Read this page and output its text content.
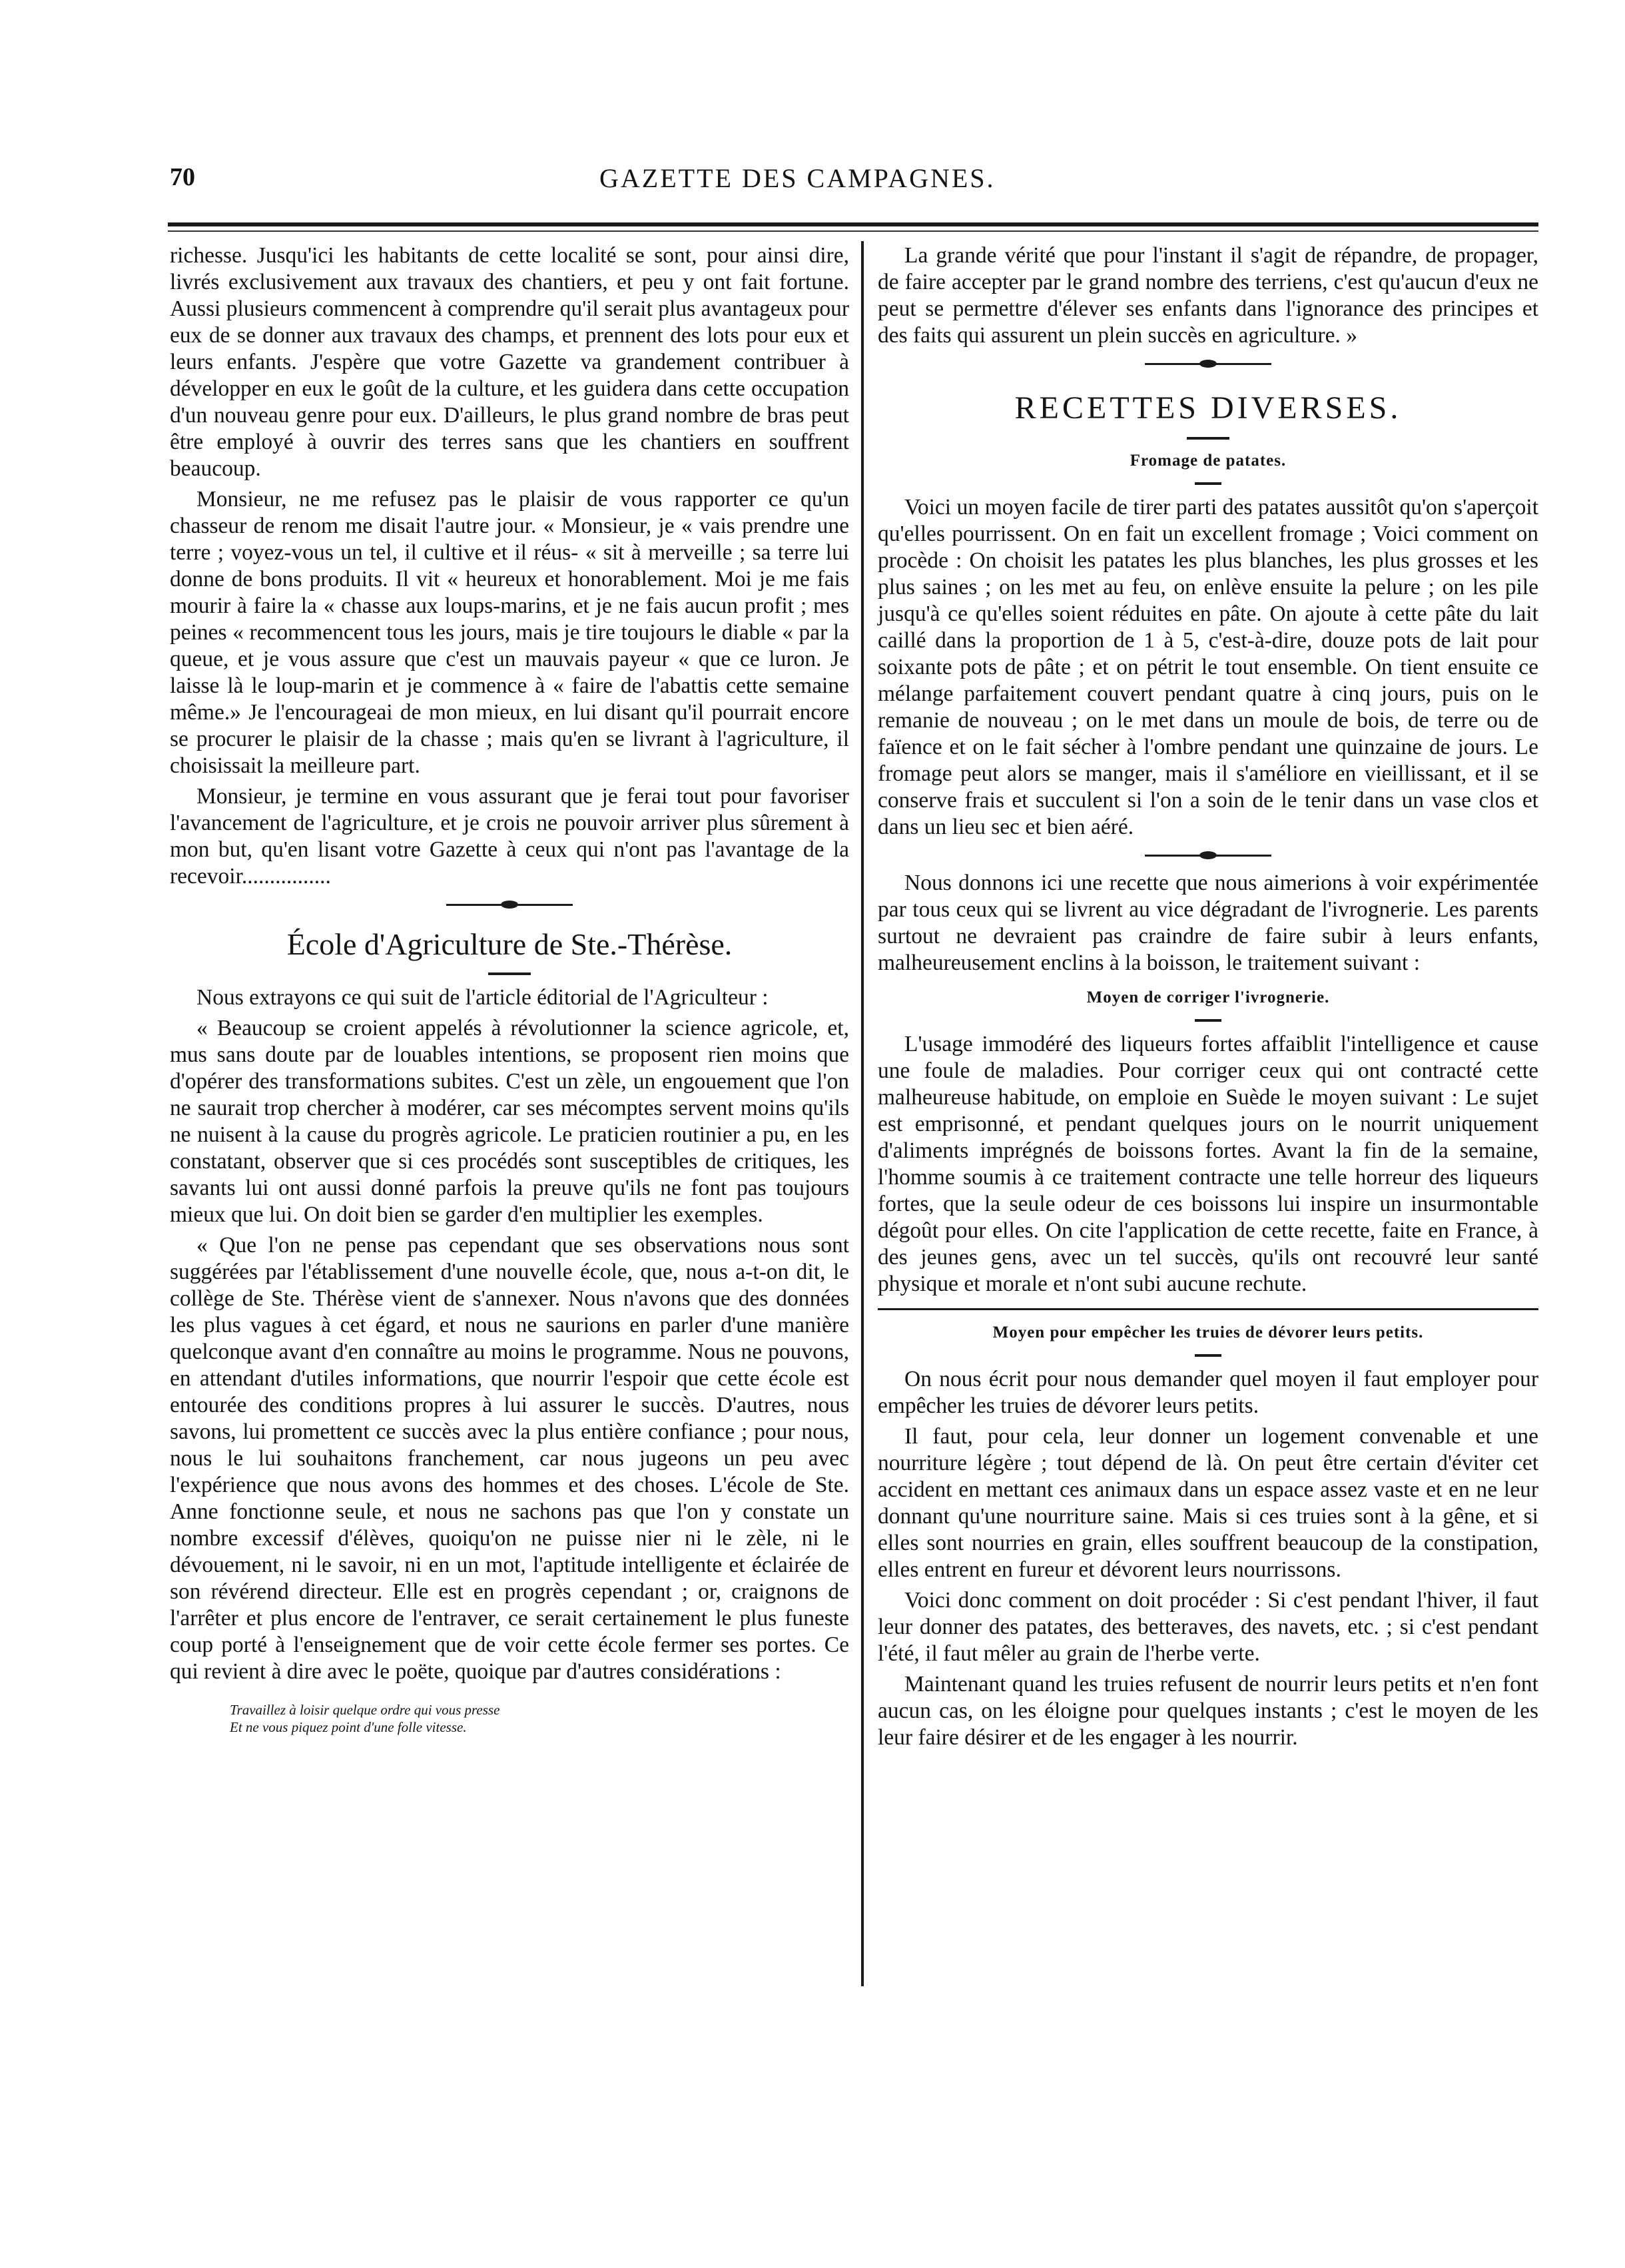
70	GAZETTE DES CAMPAGNES.

richesse. Jusqu'ici les habitants de cette localité se sont, pour ainsi dire, livrés exclusivement aux travaux des chantiers, et peu y ont fait fortune. Aussi plusieurs commencent à comprendre qu'il serait plus avantageux pour eux de se donner aux travaux des champs, et prennent des lots pour eux et leurs enfants. J'espère que votre Gazette va grandement contribuer à développer en eux le goût de la culture, et les guidera dans cette occupation d'un nouveau genre pour eux. D'ailleurs, le plus grand nombre de bras peut être employé à ouvrir des terres sans que les chantiers en souffrent beaucoup.

Monsieur, ne me refusez pas le plaisir de vous rapporter ce qu'un chasseur de renom me disait l'autre jour. « Monsieur, je « vais prendre une terre ; voyez-vous un tel, il cultive et il réus- « sit à merveille ; sa terre lui donne de bons produits. Il vit « heureux et honorablement. Moi je me fais mourir à faire la « chasse aux loups-marins, et je ne fais aucun profit ; mes peines « recommencent tous les jours, mais je tire toujours le diable « par la queue, et je vous assure que c'est un mauvais payeur « que ce luron. Je laisse là le loup-marin et je commence à « faire de l'abattis cette semaine même.» Je l'encourageai de mon mieux, en lui disant qu'il pourrait encore se procurer le plaisir de la chasse ; mais qu'en se livrant à l'agriculture, il choisissait la meilleure part.

Monsieur, je termine en vous assurant que je ferai tout pour favoriser l'avancement de l'agriculture, et je crois ne pouvoir arriver plus sûrement à mon but, qu'en lisant votre Gazette à ceux qui n'ont pas l'avantage de la recevoir................

École d'Agriculture de Ste.-Thérèse.

Nous extrayons ce qui suit de l'article éditorial de l'Agriculteur :

« Beaucoup se croient appelés à révolutionner la science agricole, et, mus sans doute par de louables intentions, se proposent rien moins que d'opérer des transformations subites. C'est un zèle, un engouement que l'on ne saurait trop chercher à modérer, car ses mécomptes servent moins qu'ils ne nuisent à la cause du progrès agricole. Le praticien routinier a pu, en les constatant, observer que si ces procédés sont susceptibles de critiques, les savants lui ont aussi donné parfois la preuve qu'ils ne font pas toujours mieux que lui. On doit bien se garder d'en multiplier les exemples.

« Que l'on ne pense pas cependant que ses observations nous sont suggérées par l'établissement d'une nouvelle école, que, nous a-t-on dit, le collège de Ste. Thérèse vient de s'annexer. Nous n'avons que des données les plus vagues à cet égard, et nous ne saurions en parler d'une manière quelconque avant d'en connaître au moins le programme. Nous ne pouvons, en attendant d'utiles informations, que nourrir l'espoir que cette école est entourée des conditions propres à lui assurer le succès. D'autres, nous savons, lui promettent ce succès avec la plus entière confiance ; pour nous, nous le lui souhaitons franchement, car nous jugeons un peu avec l'expérience que nous avons des hommes et des choses. L'école de Ste. Anne fonctionne seule, et nous ne sachons pas que l'on y constate un nombre excessif d'élèves, quoiqu'on ne puisse nier ni le zèle, ni le dévouement, ni le savoir, ni en un mot, l'aptitude intelligente et éclairée de son révérend directeur. Elle est en progrès cependant ; or, craignons de l'arrêter et plus encore de l'entraver, ce serait certainement le plus funeste coup porté à l'enseignement que de voir cette école fermer ses portes. Ce qui revient à dire avec le poëte, quoique par d'autres considérations :

Travaillez à loisir quelque ordre qui vous presse
Et ne vous piquez point d'une folle vitesse.

La grande vérité que pour l'instant il s'agit de répandre, de propager, de faire accepter par le grand nombre des terriens, c'est qu'aucun d'eux ne peut se permettre d'élever ses enfants dans l'ignorance des principes et des faits qui assurent un plein succès en agriculture. »

RECETTES DIVERSES.
Fromage de patates.

Voici un moyen facile de tirer parti des patates aussitôt qu'on s'aperçoit qu'elles pourrissent. On en fait un excellent fromage ; Voici comment on procède : On choisit les patates les plus blanches, les plus grosses et les plus saines ; on les met au feu, on enlève ensuite la pelure ; on les pile jusqu'à ce qu'elles soient réduites en pâte. On ajoute à cette pâte du lait caillé dans la proportion de 1 à 5, c'est-à-dire, douze pots de lait pour soixante pots de pâte ; et on pétrit le tout ensemble. On tient ensuite ce mélange parfaitement couvert pendant quatre à cinq jours, puis on le remanie de nouveau ; on le met dans un moule de bois, de terre ou de faïence et on le fait sécher à l'ombre pendant une quinzaine de jours. Le fromage peut alors se manger, mais il s'améliore en vieillissant, et il se conserve frais et succulent si l'on a soin de le tenir dans un vase clos et dans un lieu sec et bien aéré.

Nous donnons ici une recette que nous aimerions à voir expérimentée par tous ceux qui se livrent au vice dégradant de l'ivrognerie. Les parents surtout ne devraient pas craindre de faire subir à leurs enfants, malheureusement enclins à la boisson, le traitement suivant :

Moyen de corriger l'ivrognerie.

L'usage immodéré des liqueurs fortes affaiblit l'intelligence et cause une foule de maladies. Pour corriger ceux qui ont contracté cette malheureuse habitude, on emploie en Suède le moyen suivant : Le sujet est emprisonné, et pendant quelques jours on le nourrit uniquement d'aliments imprégnés de boissons fortes. Avant la fin de la semaine, l'homme soumis à ce traitement contracte une telle horreur des liqueurs fortes, que la seule odeur de ces boissons lui inspire un insurmontable dégoût pour elles. On cite l'application de cette recette, faite en France, à des jeunes gens, avec un tel succès, qu'ils ont recouvré leur santé physique et morale et n'ont subi aucune rechute.

Moyen pour empêcher les truies de dévorer leurs petits.

On nous écrit pour nous demander quel moyen il faut employer pour empêcher les truies de dévorer leurs petits.

Il faut, pour cela, leur donner un logement convenable et une nourriture légère ; tout dépend de là. On peut être certain d'éviter cet accident en mettant ces animaux dans un espace assez vaste et en ne leur donnant qu'une nourriture saine. Mais si ces truies sont à la gêne, et si elles sont nourries en grain, elles souffrent beaucoup de la constipation, elles entrent en fureur et dévorent leurs nourrissons.

Voici donc comment on doit procéder : Si c'est pendant l'hiver, il faut leur donner des patates, des betteraves, des navets, etc. ; si c'est pendant l'été, il faut mêler au grain de l'herbe verte.

Maintenant quand les truies refusent de nourrir leurs petits et n'en font aucun cas, on les éloigne pour quelques instants ; c'est le moyen de les leur faire désirer et de les engager à les nourrir.
